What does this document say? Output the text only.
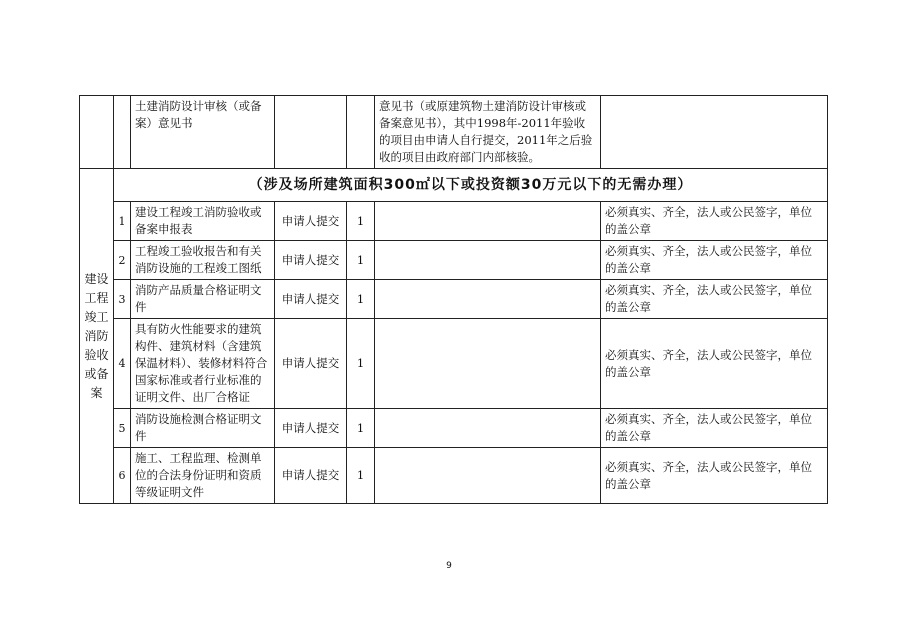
		土建消防设计审核（或备案）意见书			意见书（或原建筑物土建消防设计审核或备案意见书），其中1998年-2011年验收的项目由申请人自行提交，2011年之后验收的项目由政府部门内部核验。	
建设工程竣工消防验收或备案	（涉及场所建筑面积300㎡以下或投资额30万元以下的无需办理）					
	1	建设工程竣工消防验收或备案申报表	申请人提交	1		必须真实、齐全，法人或公民签字，单位的盖公章
	2	工程竣工验收报告和有关消防设施的工程竣工图纸	申请人提交	1		必须真实、齐全，法人或公民签字，单位的盖公章
	3	消防产品质量合格证明文件	申请人提交	1		必须真实、齐全，法人或公民签字，单位的盖公章
	4	具有防火性能要求的建筑构件、建筑材料（含建筑保温材料）、装修材料符合国家标准或者行业标准的证明文件、出厂合格证	申请人提交	1		必须真实、齐全，法人或公民签字，单位的盖公章
	5	消防设施检测合格证明文件	申请人提交	1		必须真实、齐全，法人或公民签字，单位的盖公章
	6	施工、工程监理、检测单位的合法身份证明和资质等级证明文件	申请人提交	1		必须真实、齐全，法人或公民签字，单位的盖公章
9
